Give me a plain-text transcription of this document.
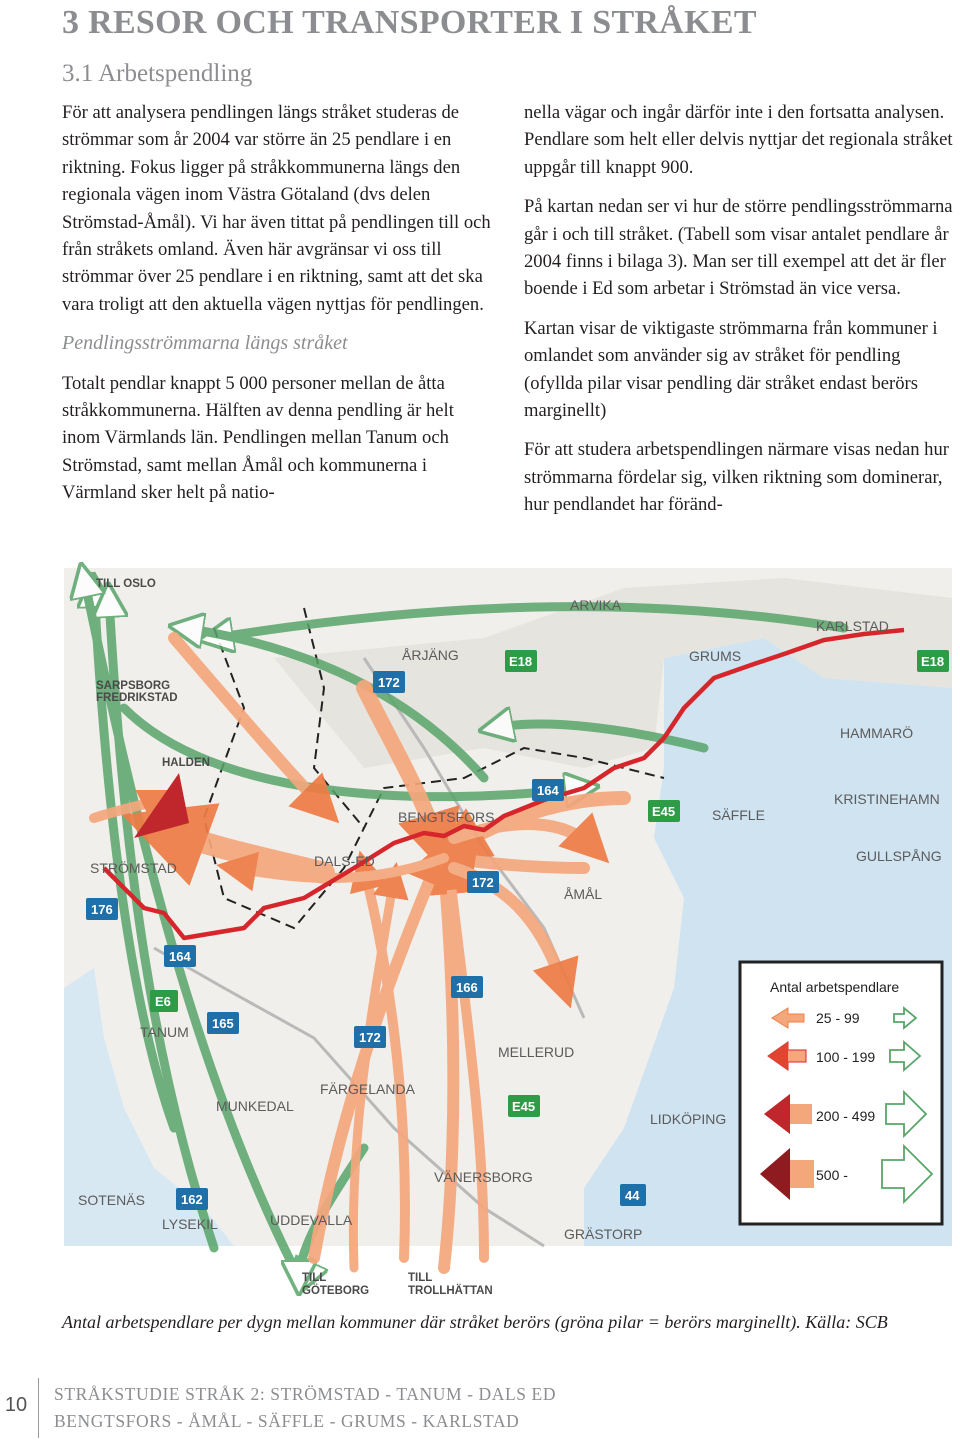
3 RESOR OCH TRANSPORTER I STRÅKET
3.1 Arbetspendling

För att analysera pendlingen längs stråket studeras de strömmar som år 2004 var större än 25 pendlare i en riktning. Fokus ligger på stråkkommunerna längs den regionala vägen inom Västra Götaland (dvs delen Strömstad-Åmål). Vi har även tittat på pendlingen till och från stråkets omland. Även här avgränsar vi oss till strömmar över 25 pendlare i en riktning, samt att det ska vara troligt att den aktuella vägen nyttjas för pendlingen.

Pendlingsströmmarna längs stråket

Totalt pendlar knappt 5 000 personer mellan de åtta stråkkommunerna. Hälften av denna pendling är helt inom Värmlands län. Pendlingen mellan Tanum och Strömstad, samt mellan Åmål och kommunerna i Värmland sker helt på natio-

nella vägar och ingår därför inte i den fortsatta analysen. Pendlare som helt eller delvis nyttjar det regionala stråket uppgår till knappt 900.

På kartan nedan ser vi hur de större pendlingsströmmarna går i och till stråket. (Tabell som visar antalet pendlare år 2004 finns i bilaga 3). Man ser till exempel att det är fler boende i Ed som arbetar i Strömstad än vice versa.

Kartan visar de viktigaste strömmarna från kommuner i omlandet som använder sig av stråket för pendling (ofyllda pilar visar pendling där stråket endast berörs marginellt)

För att studera arbetspendlingen närmare visas nedan hur strömmarna fördelar sig, vilken riktning som dominerar, hur pendlandet har föränd-

TILL OSLO
ARVIKA
KARLSTAD
ÅRJÄNG	GRUMS
SARPSBORG
FREDRIKSTAD
HAMMARÖ
HALDEN
KRISTINEHAMN
BENGTSFORS	SÄFFLE
STRÖMSTAD	DALS-ED	GULLSPÅNG
ÅMÅL
TANUM
MELLERUD
FÄRGELANDA
MUNKEDAL
LIDKÖPING
VÄNERSBORG
SOTENÄS
LYSEKIL	UDDEVALLA
GRÄSTORP
172
E18	E18
164
E45
172
176
164
E6
166
165
172
E45
162	44
TILL
GÖTEBORG
TILL
TROLLHÄTTAN
Antal arbetspendlare
25 - 99
100 - 199
200 - 499
500 -
Antal arbetspendlare per dygn mellan kommuner där stråket berörs (gröna pilar = berörs marginellt). Källa: SCB
10 STRÅKSTUDIE STRÅK 2: STRÖMSTAD - TANUM - DALS ED
BENGTSFORS - ÅMÅL - SÄFFLE - GRUMS - KARLSTAD
